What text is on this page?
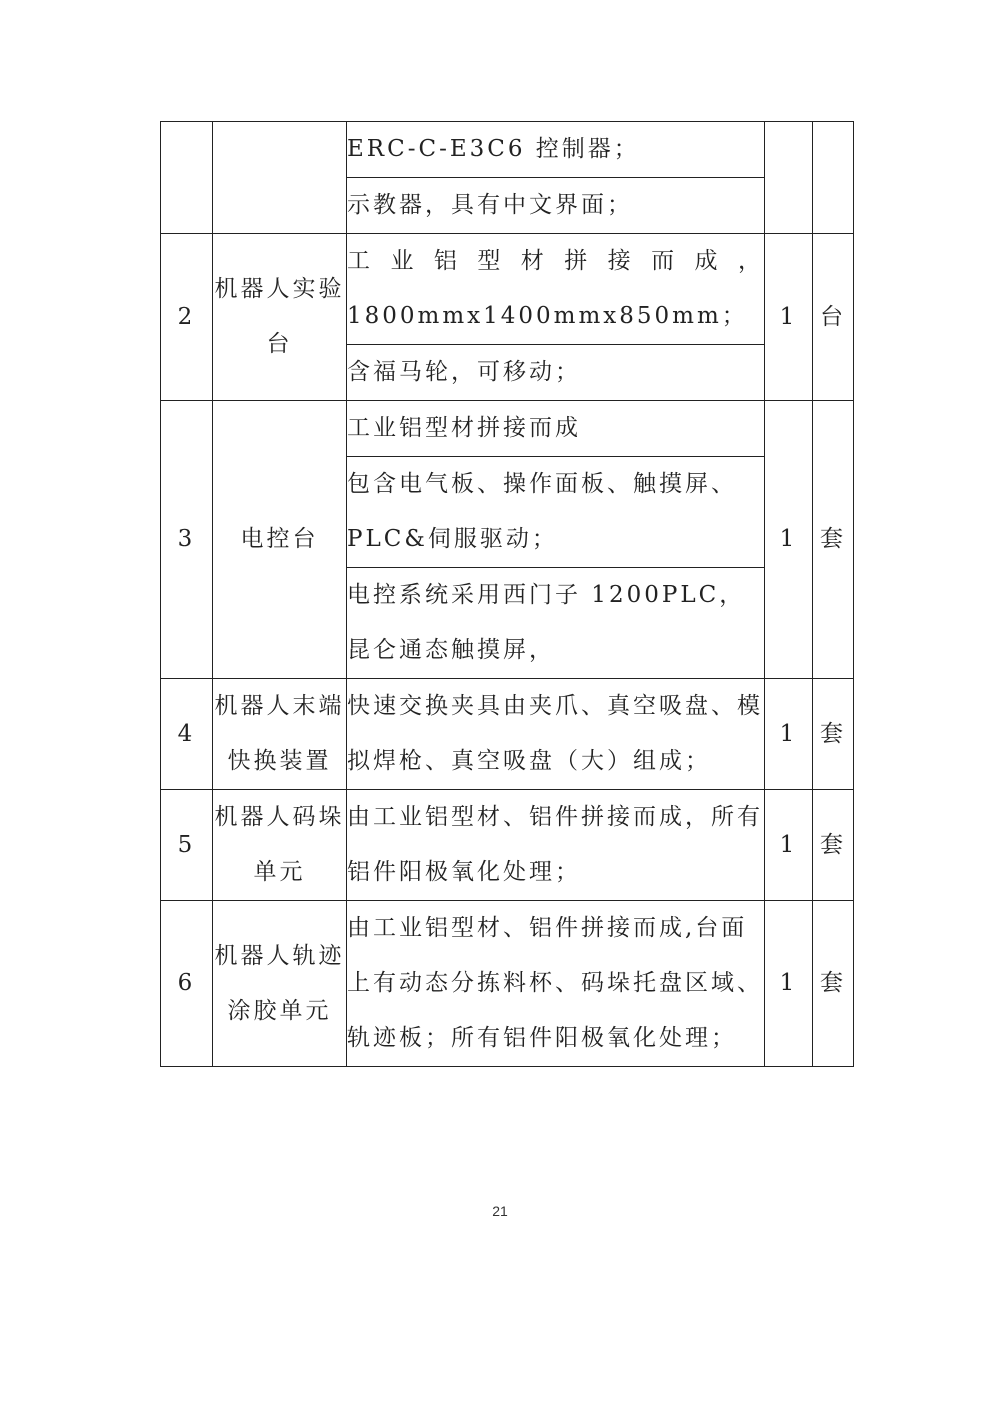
		ERC-C-E3C6 控制器；		
		示教器，具有中文界面；		
2	机器人实验台	工业铝型材拼接而成，1800mmx1400mmx850mm；	1	台
		含福马轮，可移动；		
3	电控台	工业铝型材拼接而成	1	套
		包含电气板、操作面板、触摸屏、PLC&伺服驱动；		
		电控系统采用西门子 1200PLC，昆仑通态触摸屏，		
4	机器人末端快换装置	快速交换夹具由夹爪、真空吸盘、模拟焊枪、真空吸盘（大）组成；	1	套
5	机器人码垛单元	由工业铝型材、铝件拼接而成，所有铝件阳极氧化处理；	1	套
6	机器人轨迹涂胶单元	由工业铝型材、铝件拼接而成,台面上有动态分拣料杯、码垛托盘区域、轨迹板；所有铝件阳极氧化处理；	1	套
21
